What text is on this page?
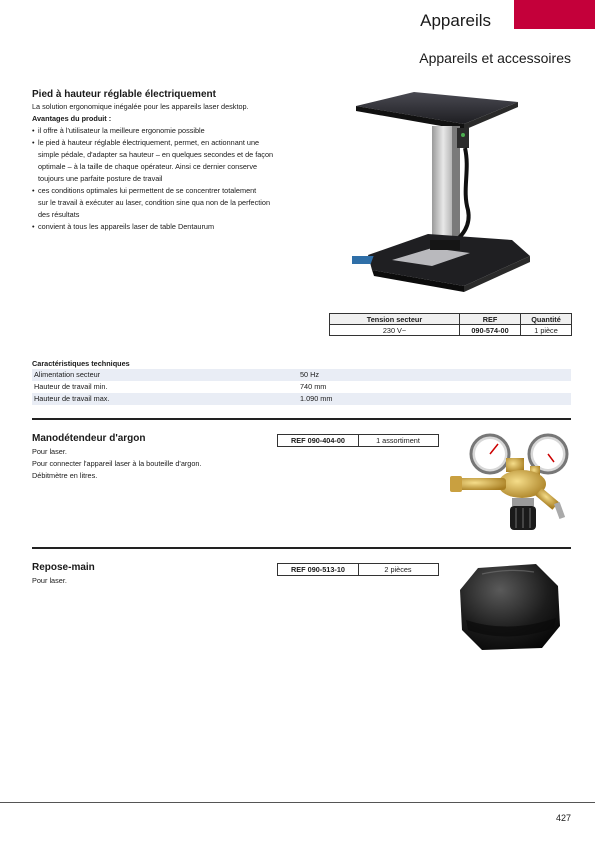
Appareils
Appareils et accessoires
Pied à hauteur réglable électriquement
La solution ergonomique inégalée pour les appareils laser desktop.
Avantages du produit :
• il offre à l'utilisateur la meilleure ergonomie possible
• le pied à hauteur réglable électriquement, permet, en actionnant une
simple pédale, d'adapter sa hauteur – en quelques secondes et de façon
optimale – à la taille de chaque opérateur. Ainsi ce dernier conserve
toujours une parfaite posture de travail
• ces conditions optimales lui permettent de se concentrer totalement
sur le travail à exécuter au laser, condition sine qua non de la perfection
des résultats
• convient à tous les appareils laser de table Dentaurum
Tension secteur	REF	Quantité
230 V~	090-574-00	1 pièce
Caractéristiques techniques
Alimentation secteur	50 Hz
Hauteur de travail min.	740 mm
Hauteur de travail max.	1.090 mm
Manodétendeur d'argon
Pour laser.
Pour connecter l'appareil laser à la bouteille d'argon.
Débitmètre en litres.
REF 090-404-00	1 assortiment
Repose-main
Pour laser.
REF 090-513-10	2 pièces
427
